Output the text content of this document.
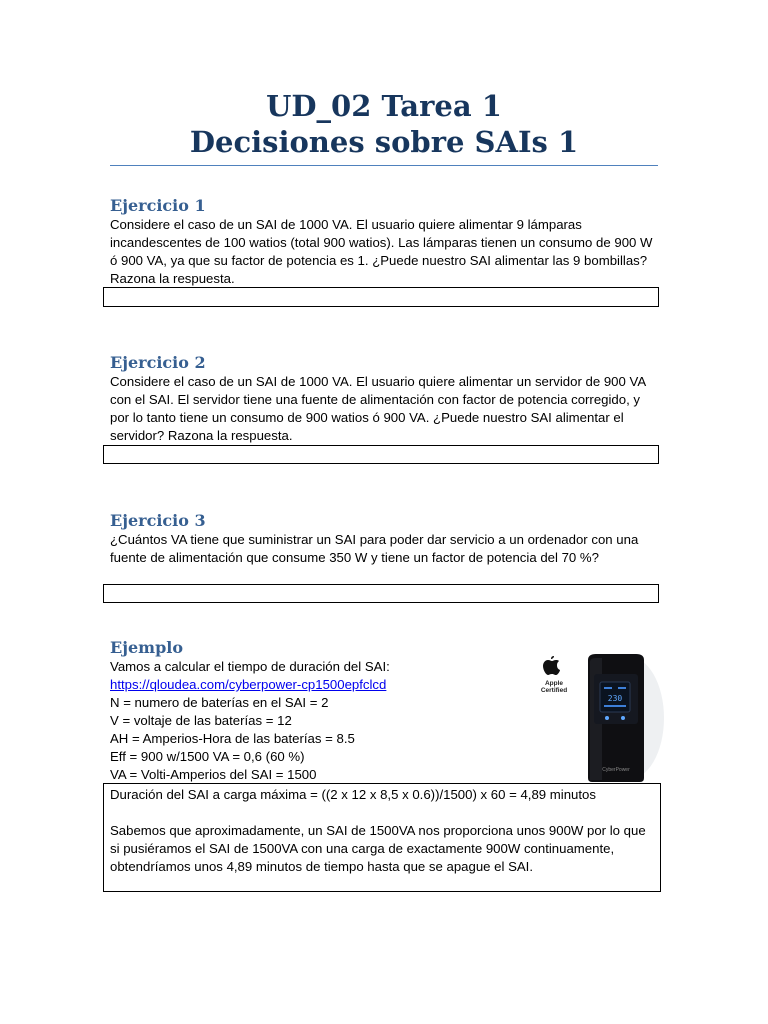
UD_02 Tarea 1
Decisiones sobre SAIs 1
Ejercicio 1

Considere el caso de un SAI de 1000 VA. El usuario quiere alimentar 9 lámparas incandescentes de 100 watios (total 900 watios). Las lámparas tienen un consumo de 900 W ó 900 VA, ya que su factor de potencia es 1. ¿Puede nuestro SAI alimentar las 9 bombillas? Razona la respuesta.

Ejercicio 2

Considere el caso de un SAI de 1000 VA. El usuario quiere alimentar un servidor de 900 VA con el SAI. El servidor tiene una fuente de alimentación con factor de potencia corregido, y por lo tanto tiene un consumo de 900 watios ó 900 VA. ¿Puede nuestro SAI alimentar el servidor? Razona la respuesta.

Ejercicio 3

¿Cuántos VA tiene que suministrar un SAI para poder dar servicio a un ordenador con una fuente de alimentación que consume 350 W y tiene un factor de potencia del 70 %?

Ejemplo

Vamos a calcular el tiempo de duración del SAI:

https://qloudea.com/cyberpower-cp1500epfclcd

N = numero de baterías en el SAI = 2

V = voltaje de las baterías = 12

AH = Amperios-Hora de las baterías = 8.5

Eff = 900 w/1500 VA = 0,6 (60 %)

VA = Volti-Amperios del SAI = 1500

Apple
Certified
230
CyberPower

Duración del SAI a carga máxima = ((2 x 12 x 8,5 x 0.6))/1500) x 60 = 4,89 minutos

Sabemos que aproximadamente, un SAI de 1500VA nos proporciona unos 900W por lo que si pusiéramos el SAI de 1500VA con una carga de exactamente 900W continuamente, obtendríamos unos 4,89 minutos de tiempo hasta que se apague el SAI.
